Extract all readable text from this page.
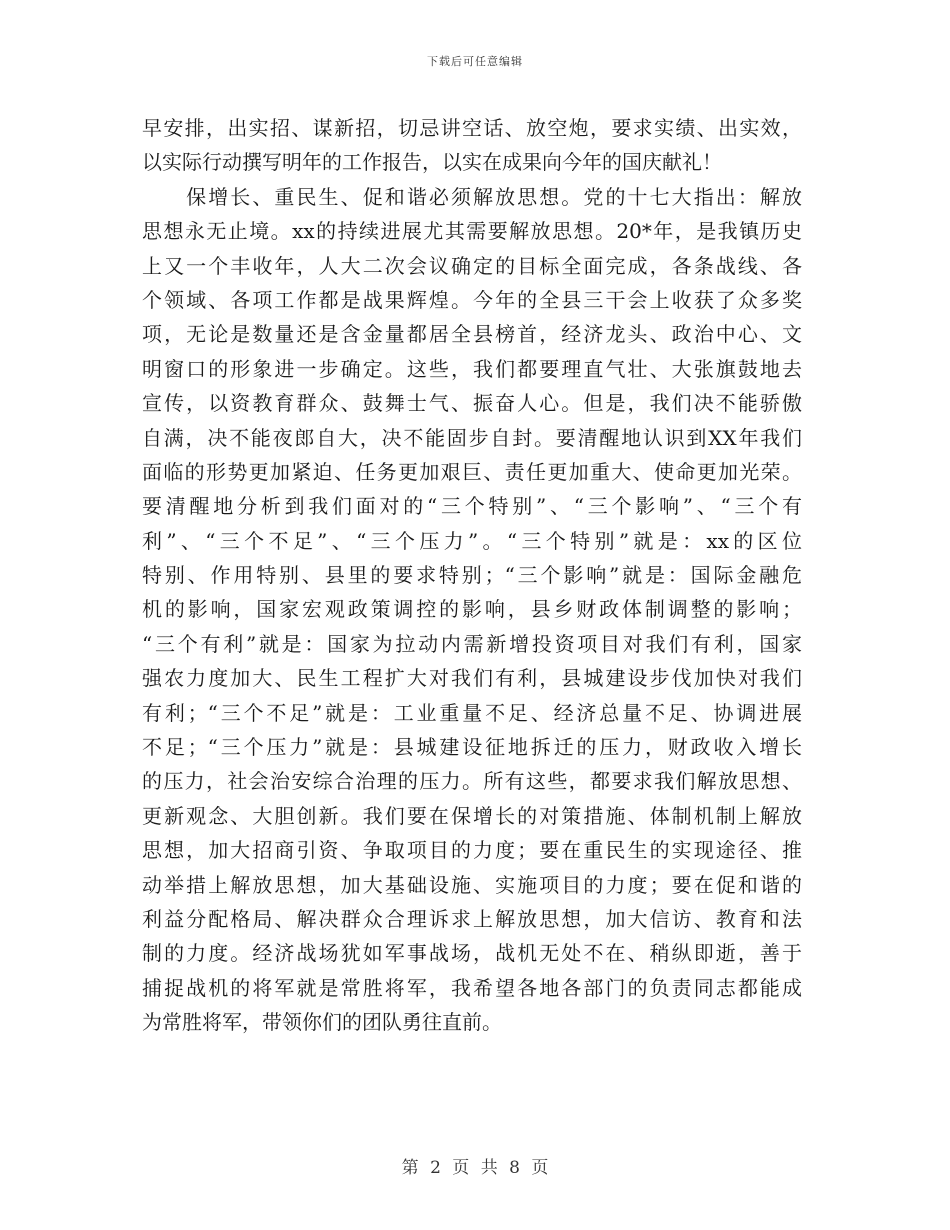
下载后可任意编辑
早安排，出实招、谋新招，切忌讲空话、放空炮，要求实绩、出实效，
以实际行动撰写明年的工作报告，以实在成果向今年的国庆献礼！
　　保增长、重民生、促和谐必须解放思想。党的十七大指出：解放
思想永无止境。xx的持续进展尤其需要解放思想。20*年，是我镇历史
上又一个丰收年，人大二次会议确定的目标全面完成，各条战线、各
个领域、各项工作都是战果辉煌。今年的全县三干会上收获了众多奖
项，无论是数量还是含金量都居全县榜首，经济龙头、政治中心、文
明窗口的形象进一步确定。这些，我们都要理直气壮、大张旗鼓地去
宣传，以资教育群众、鼓舞士气、振奋人心。但是，我们决不能骄傲
自满，决不能夜郎自大，决不能固步自封。要清醒地认识到XX年我们
面临的形势更加紧迫、任务更加艰巨、责任更加重大、使命更加光荣。
要清醒地分析到我们面对的“三个特别”、“三个影响”、“三个有
利”、“三个不足”、“三个压力”。“三个特别”就是：xx的区位
特别、作用特别、县里的要求特别；“三个影响”就是：国际金融危
机的影响，国家宏观政策调控的影响，县乡财政体制调整的影响；
“三个有利”就是：国家为拉动内需新增投资项目对我们有利，国家
强农力度加大、民生工程扩大对我们有利，县城建设步伐加快对我们
有利；“三个不足”就是：工业重量不足、经济总量不足、协调进展
不足；“三个压力”就是：县城建设征地拆迁的压力，财政收入增长
的压力，社会治安综合治理的压力。所有这些，都要求我们解放思想、
更新观念、大胆创新。我们要在保增长的对策措施、体制机制上解放
思想，加大招商引资、争取项目的力度；要在重民生的实现途径、推
动举措上解放思想，加大基础设施、实施项目的力度；要在促和谐的
利益分配格局、解决群众合理诉求上解放思想，加大信访、教育和法
制的力度。经济战场犹如军事战场，战机无处不在、稍纵即逝，善于
捕捉战机的将军就是常胜将军，我希望各地各部门的负责同志都能成
为常胜将军，带领你们的团队勇往直前。
第 2 页 共 8 页
